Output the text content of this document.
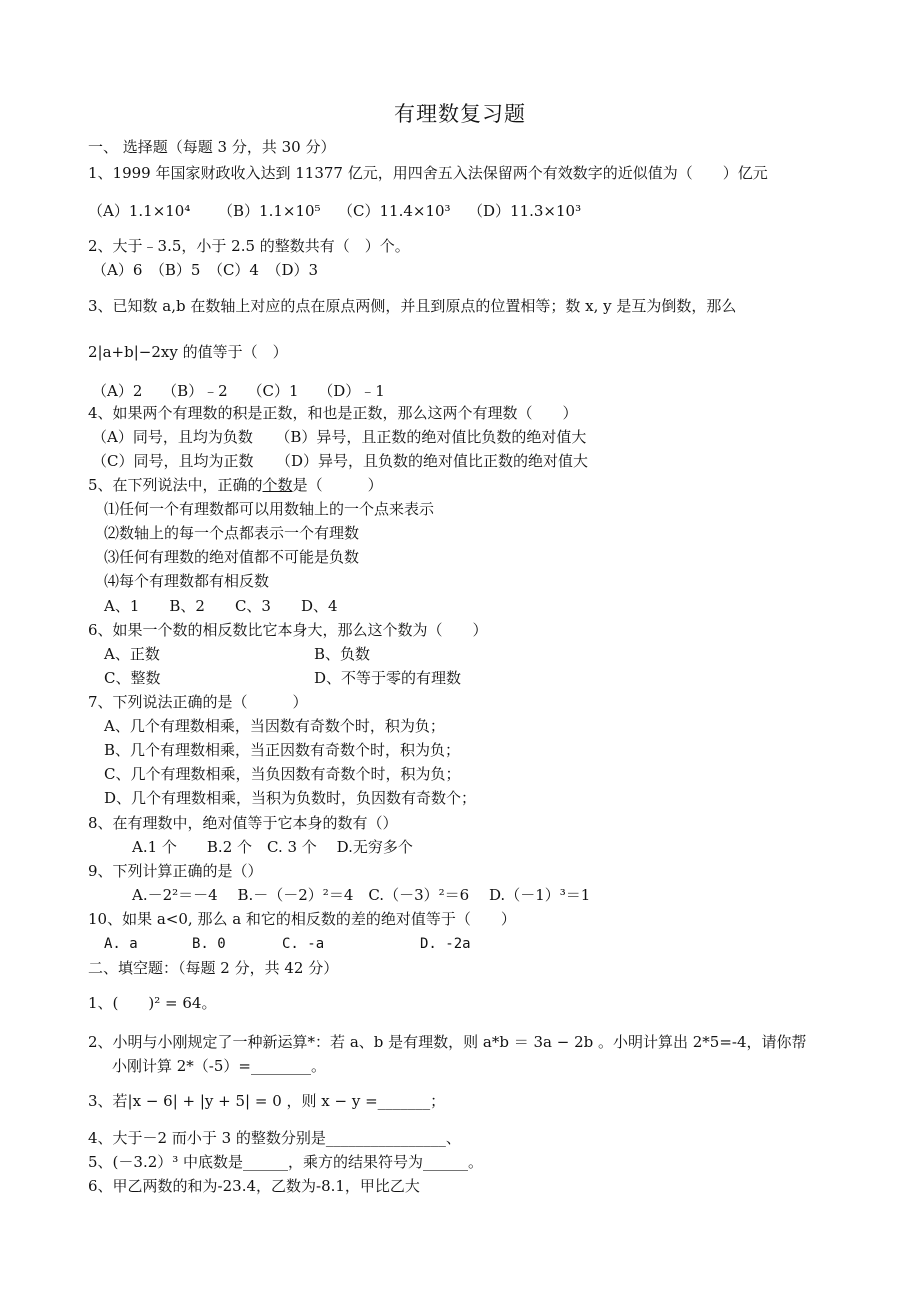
有理数复习题
一、 选择题（每题 3 分，共 30 分）
1、1999 年国家财政收入达到 11377 亿元，用四舍五入法保留两个有效数字的近似值为（　　）亿元
（A）1.1×10⁴ （B）1.1×10⁵ （C）11.4×10³ （D）11.3×10³
2、大于﹣3.5，小于 2.5 的整数共有（　）个。
（A）6　（B）5　（C）4　（D）3
3、已知数 a,b 在数轴上对应的点在原点两侧，并且到原点的位置相等；数 x, y 是互为倒数，那么
2|a+b|−2xy 的值等于（　）
（A）2　 （B）﹣2　 （C）1　 （D）﹣1
4、如果两个有理数的积是正数，和也是正数，那么这两个有理数（　　）
（A）同号，且均为负数　　（B）异号，且正数的绝对值比负数的绝对值大
（C）同号，且均为正数　　（D）异号，且负数的绝对值比正数的绝对值大
5、在下列说法中，正确的个数是（　　　）
⑴任何一个有理数都可以用数轴上的一个点来表示
⑵数轴上的每一个点都表示一个有理数
⑶任何有理数的绝对值都不可能是负数
⑷每个有理数都有相反数
A、1　　B、2　　C、3　　D、4
6、如果一个数的相反数比它本身大，那么这个数为（　　）
A、正数	B、负数
C、整数	D、不等于零的有理数
7、下列说法正确的是（　　　）
A、几个有理数相乘，当因数有奇数个时，积为负；
B、几个有理数相乘，当正因数有奇数个时，积为负；
C、几个有理数相乘，当负因数有奇数个时，积为负；
D、几个有理数相乘，当积为负数时，负因数有奇数个；
8、在有理数中，绝对值等于它本身的数有（）
A.1 个　　B.2 个　C. 3 个　 D.无穷多个
9、下列计算正确的是（）
A.－2²＝－4　 B.－（－2）²＝4　C.（－3）²＝6　 D.（－1）³＝1
10、如果 a<0, 那么 a 和它的相反数的差的绝对值等于（　　）
A. a	B. 0	C. -a	D. -2a
二、填空题：（每题 2 分，共 42 分）
1、(　　)² = 64。
2、小明与小刚规定了一种新运算*：若 a、b 是有理数，则 a*b ＝ 3a − 2b 。小明计算出 2*5=-4，请你帮
小刚计算 2*（-5）=________。
3、若|x − 6| + |y + 5| = 0 ，则 x − y =_______；
4、大于－2 而小于 3 的整数分别是________________、
5、(－3.2）³ 中底数是______，乘方的结果符号为______。
6、甲乙两数的和为-23.4，乙数为-8.1，甲比乙大
